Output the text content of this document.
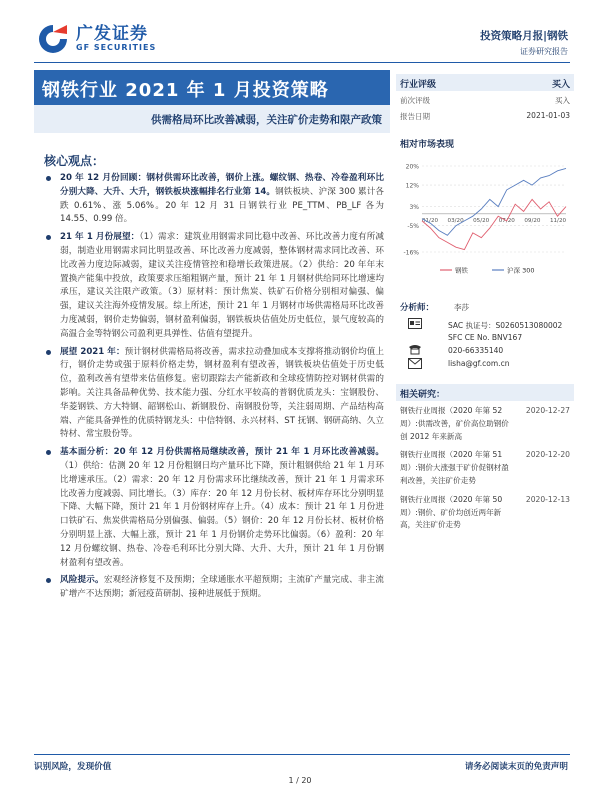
广发证券
GF SECURITIES
投资策略月报|钢铁
证券研究报告
钢铁行业 2021 年 1 月投资策略
供需格局环比改善减弱，关注矿价走势和限产政策
核心观点：
20 年 12 月份回顾：钢材供需环比改善，钢价上涨。螺纹钢、热卷、冷卷盈利环比分别大降、大升、大升，钢铁板块涨幅排名行业第 14。钢铁板块、沪深 300 累计各跌 0.61%、涨 5.06%。20 年 12 月 31 日钢铁行业 PE_TTM、PB_LF 各为 14.55、0.99 倍。
21 年 1 月份展望：（1）需求：建筑业用钢需求同比稳中改善、环比改善力度有所减弱，制造业用钢需求同比明显改善、环比改善力度减弱，整体钢材需求同比改善、环比改善力度边际减弱，建议关注疫情管控和稳增长政策进展。（2）供给：20 年年末置换产能集中投放，政策要求压缩粗钢产量，预计 21 年 1 月钢材供给同环比增速均承压，建议关注限产政策。（3）原材料：预计焦炭、铁矿石价格分别相对偏强、偏强，建议关注海外疫情发展。综上所述，预计 21 年 1 月钢材市场供需格局环比改善力度减弱，钢价走势偏弱，钢材盈利偏弱，钢铁板块估值处历史低位，景气度较高的高温合金等特钢公司盈利更具弹性、估值有望提升。
展望 2021 年：预计钢材供需格局将改善，需求拉动叠加成本支撑将推动钢价均值上行，钢价走势或强于原料价格走势，钢材盈利有望改善，钢铁板块估值处于历史低位，盈利改善有望带来估值修复。密切跟踪去产能新政和全球疫情防控对钢材供需的影响。关注具备品种优势、技术能力强、分红水平较高的普钢优质龙头：宝钢股份、华菱钢铁、方大特钢、韶钢松山、新钢股份、南钢股份等，关注弱周期、产品结构高端、产能具备弹性的优质特钢龙头：中信特钢、永兴材料、ST 抚钢、钢研高纳、久立特材、常宝股份等。
基本面分析：20 年 12 月份供需格局继续改善，预计 21 年 1 月环比改善减弱。（1）供给：估测 20 年 12 月份粗钢日均产量环比下降，预计粗钢供给 21 年 1 月环比增速承压。（2）需求：20 年 12 月份需求环比继续改善，预计 21 年 1 月需求环比改善力度减弱、同比增长。（3）库存：20 年 12 月份长材、板材库存环比分别明显下降、大幅下降，预计 21 年 1 月份钢材库存上升。（4）成本：预计 21 年 1 月份进口铁矿石、焦炭供需格局分别偏强、偏弱。（5）钢价：20 年 12 月份长材、板材价格分别明显上涨、大幅上涨，预计 21 年 1 月份钢价走势环比偏弱。（6）盈利：20 年 12 月份螺纹钢、热卷、冷卷毛利环比分别大降、大升、大升，预计 21 年 1 月份钢材盈利有望改善。
风险提示。宏观经济修复不及预期；全球通胀水平超预期；主流矿产量完成、非主流矿增产不达预期；新冠疫苗研制、接种进展低于预期。
行业评级	买入
前次评级	买入
报告日期	2021-01-03
相对市场表现
20%
12%
3%
-5%
-16%
01/20 03/20 05/20 07/20 09/20 11/20
钢铁	沪深 300
分析师：	李莎
SAC 执证号：S0260513080002
SFC CE No. BNV167
020-66335140
lisha@gf.com.cn
相关研究：
钢铁行业周报（2020 年第 52 周）:供需改善，矿价高位助钢价创 2012 年来新高
2020-12-27
钢铁行业周报（2020 年第 51 周）:钢价大涨强于矿价促钢材盈利改善，关注矿价走势
2020-12-20
钢铁行业周报（2020 年第 50 周）:钢价、矿价均创近两年新高，关注矿价走势
2020-12-13
识别风险，发现价值	请务必阅读末页的免责声明
1 / 20
